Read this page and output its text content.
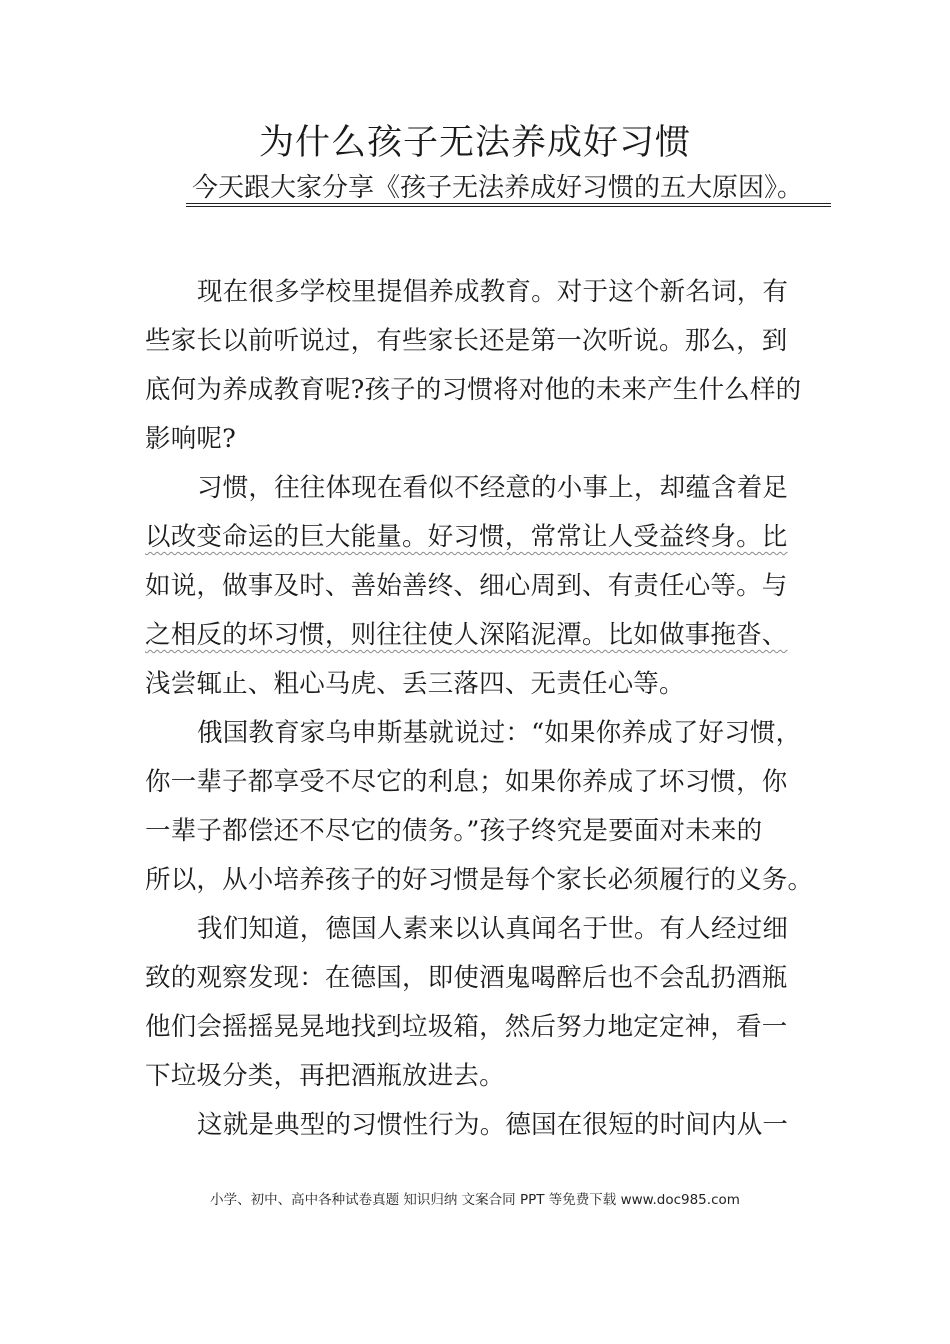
为什么孩子无法养成好习惯
今天跟大家分享《孩子无法养成好习惯的五大原因》。

现在很多学校里提倡养成教育。对于这个新名词，有
些家长以前听说过，有些家长还是第一次听说。那么，到
底何为养成教育呢?孩子的习惯将对他的未来产生什么样的
影响呢?

习惯，往往体现在看似不经意的小事上，却蕴含着足
以改变命运的巨大能量。好习惯，常常让人受益终身。比
如说，做事及时、善始善终、细心周到、有责任心等。与
之相反的坏习惯，则往往使人深陷泥潭。比如做事拖沓、
浅尝辄止、粗心马虎、丢三落四、无责任心等。

俄国教育家乌申斯基就说过：“如果你养成了好习惯，
你一辈子都享受不尽它的利息；如果你养成了坏习惯，你
一辈子都偿还不尽它的债务。”孩子终究是要面对未来的
所以，从小培养孩子的好习惯是每个家长必须履行的义务。

我们知道，德国人素来以认真闻名于世。有人经过细
致的观察发现：在德国，即使酒鬼喝醉后也不会乱扔酒瓶
他们会摇摇晃晃地找到垃圾箱，然后努力地定定神，看一
下垃圾分类，再把酒瓶放进去。

这就是典型的习惯性行为。德国在很短的时间内从一

小学、初中、高中各种试卷真题 知识归纳 文案合同 PPT 等免费下载 www.doc985.com
